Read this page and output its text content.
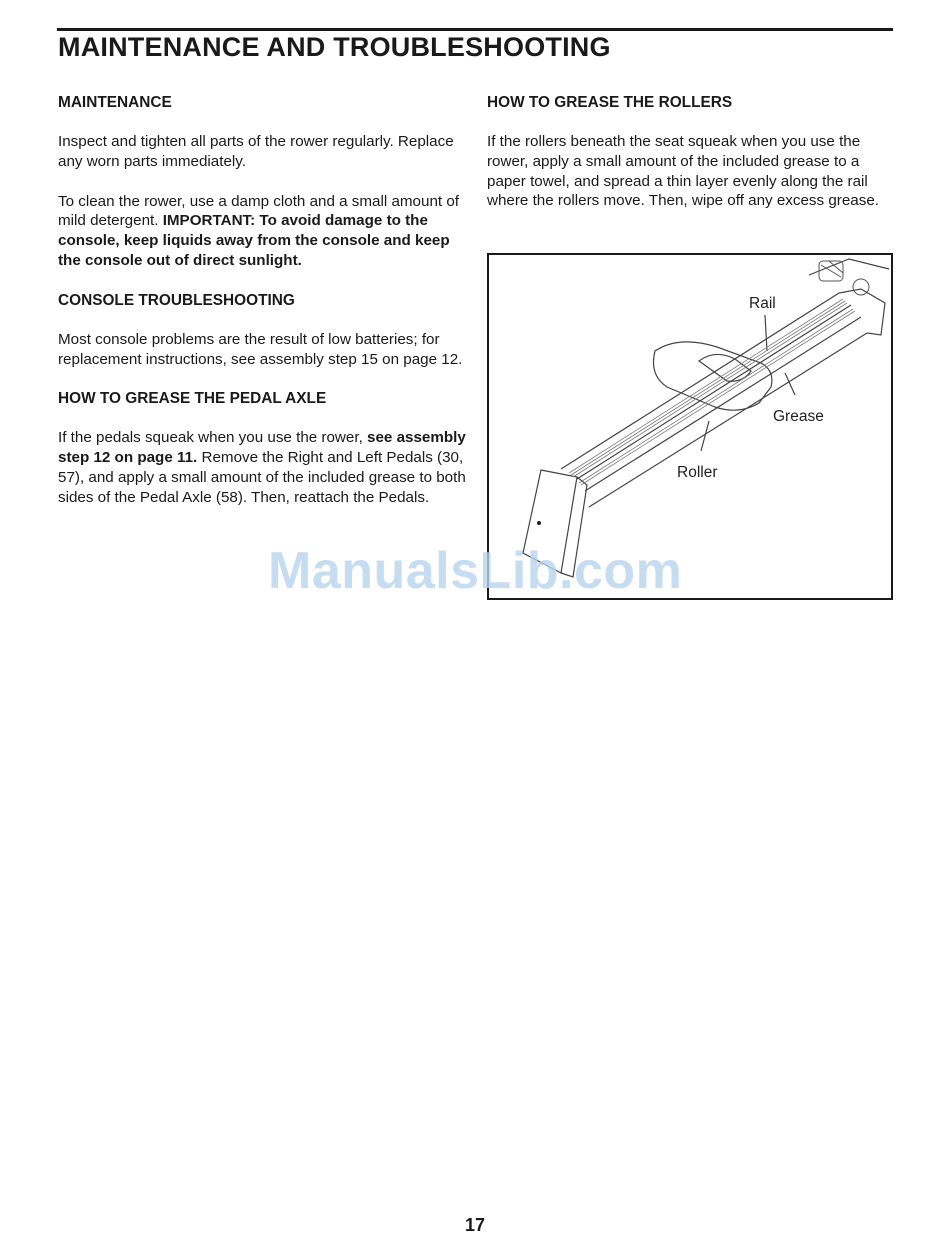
MAINTENANCE AND TROUBLESHOOTING
MAINTENANCE

Inspect and tighten all parts of the rower regularly. Replace any worn parts immediately.

To clean the rower, use a damp cloth and a small amount of mild detergent. IMPORTANT: To avoid damage to the console, keep liquids away from the console and keep the console out of direct sunlight.

CONSOLE TROUBLESHOOTING

Most console problems are the result of low batteries; for replacement instructions, see assembly step 15 on page 12.

HOW TO GREASE THE PEDAL AXLE

If the pedals squeak when you use the rower, see assembly step 12 on page 11. Remove the Right and Left Pedals (30, 57), and apply a small amount of the included grease to both sides of the Pedal Axle (58). Then, reattach the Pedals.

HOW TO GREASE THE ROLLERS

If the rollers beneath the seat squeak when you use the rower, apply a small amount of the included grease to a paper towel, and spread a thin layer evenly along the rail where the rollers move. Then, wipe off any excess grease.

Rail
Grease
Roller
ManualsLib.com
17
